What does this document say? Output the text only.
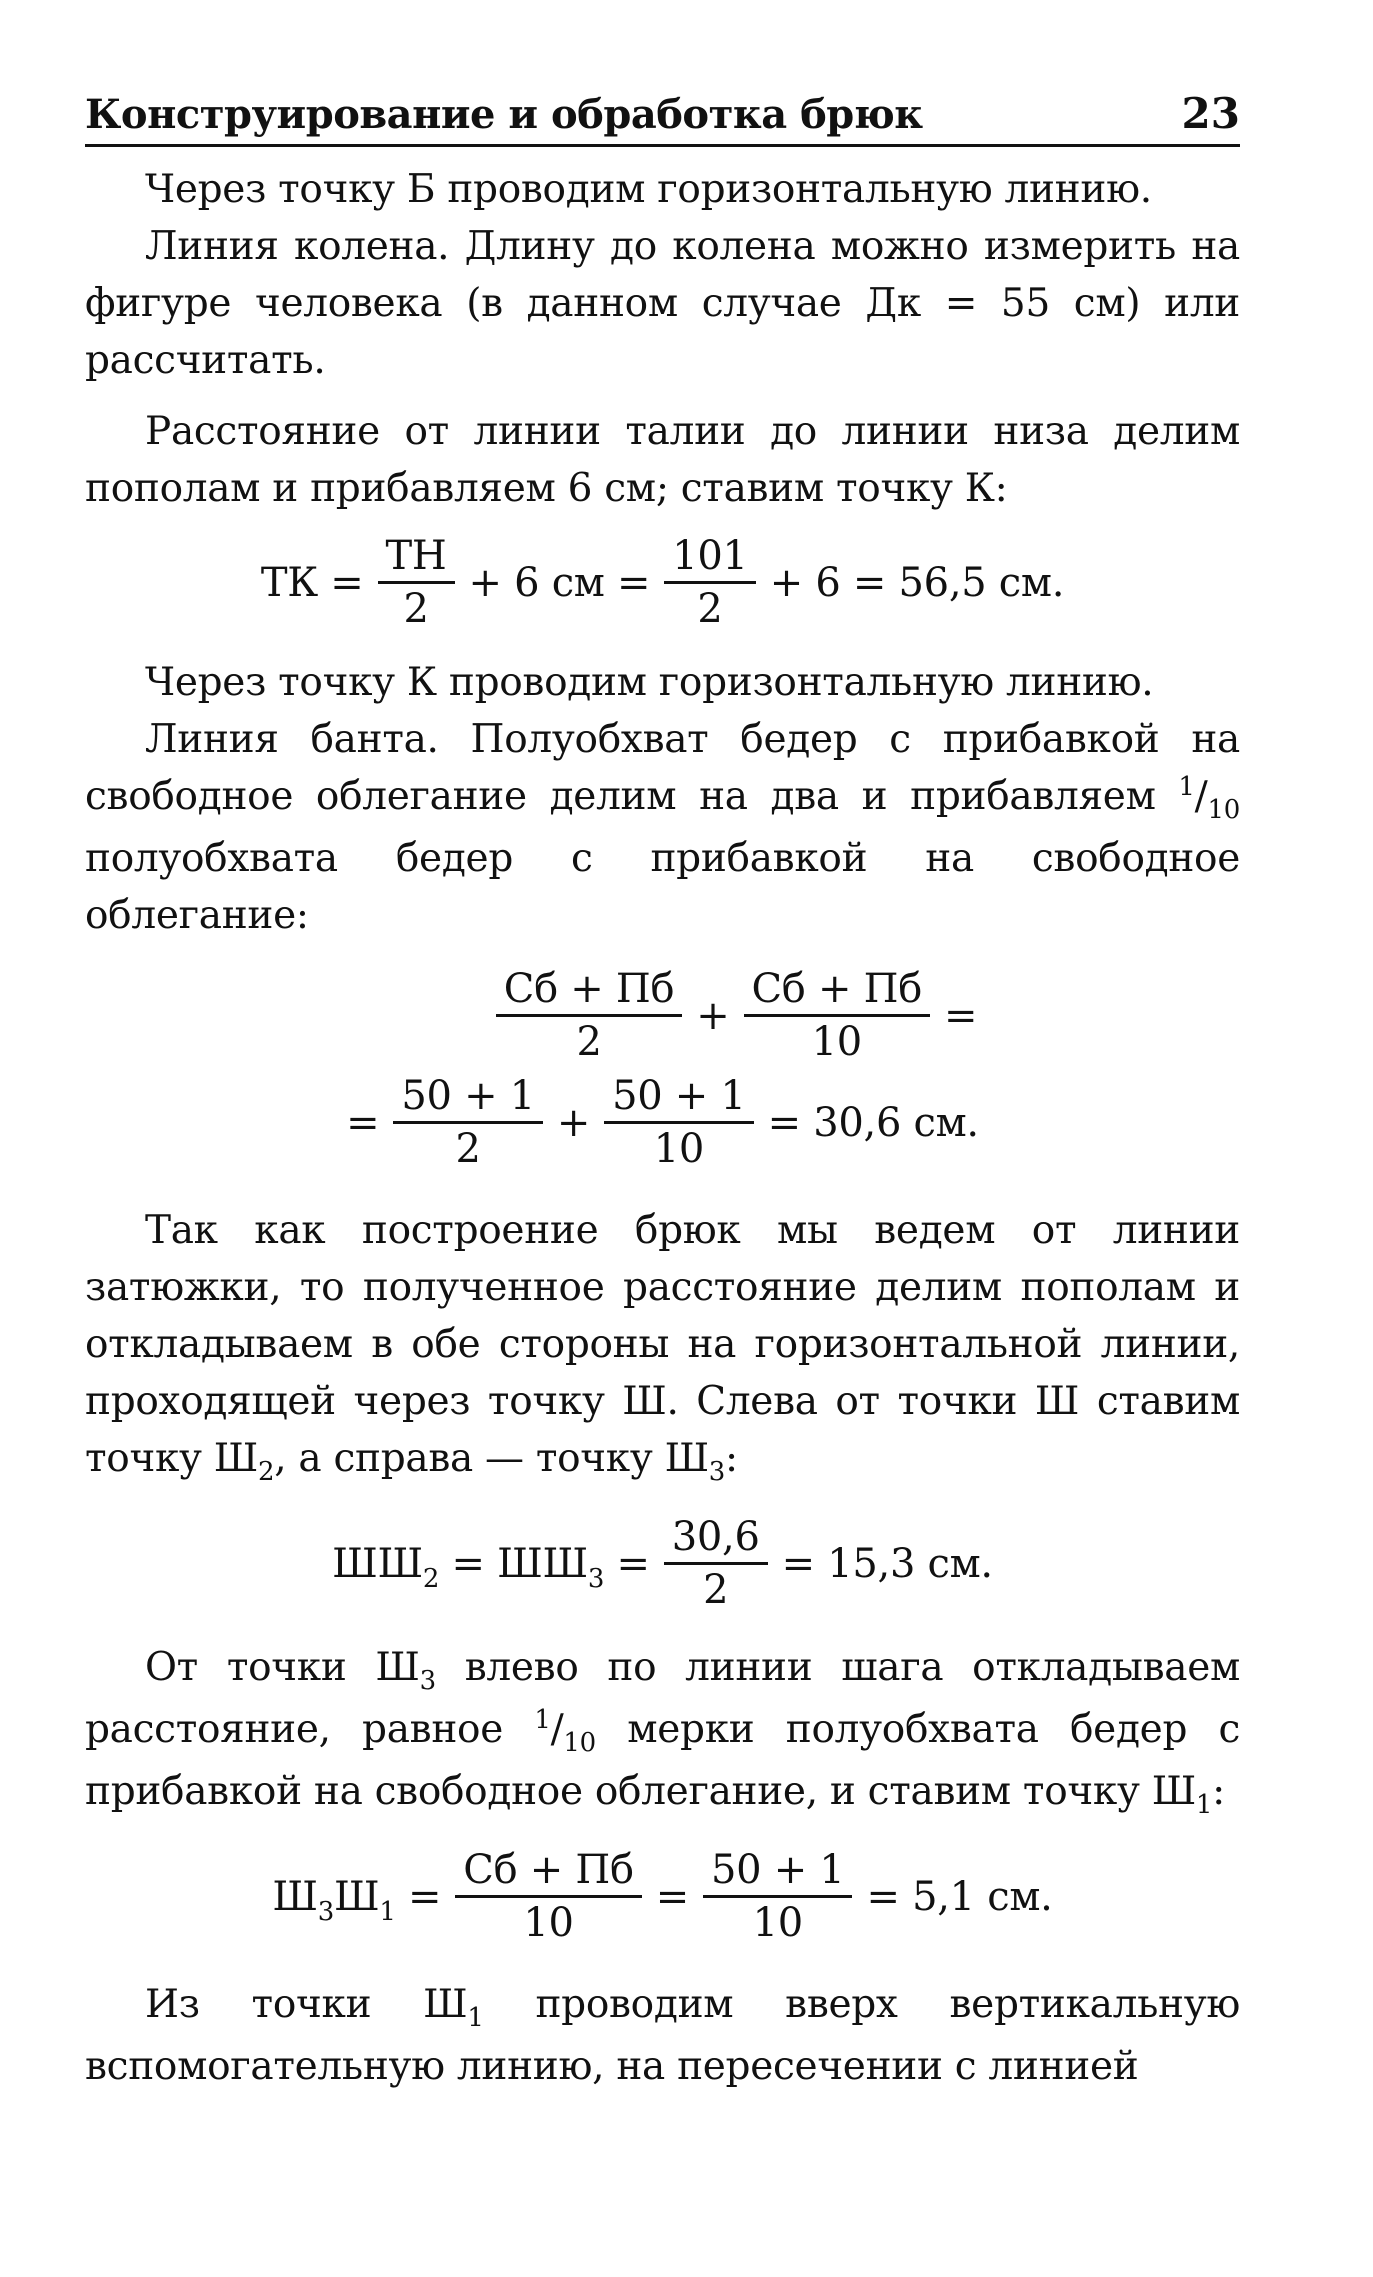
Конструирование и обработка брюк	23

Через точку Б проводим горизонтальную линию.

Линия колена. Длину до колена можно измерить на фигуре человека (в данном случае Дк = 55 см) или рассчитать.

Расстояние от линии талии до линии низа делим пополам и прибавляем 6 см; ставим точку К:

ТК = $\frac{ТН}{2} + 6$ см = $\frac{101}{2} + 6 = 56,5$ см.

Через точку К проводим горизонтальную линию.

Линия банта. Полуобхват бедер с прибавкой на свободное облегание делим на два и прибавляем $^1/_{10}$ полуобхвата бедер с прибавкой на свободное облегание:

$\frac{Сб + Пб}{2} + \frac{Сб + Пб}{10}$ =
= $\frac{50 + 1}{2} + \frac{50 + 1}{10} = 30,6$ см.

Так как построение брюк мы ведем от линии затюжки, то полученное расстояние делим пополам и откладываем в обе стороны на горизонтальной линии, проходящей через точку Ш. Слева от точки Ш ставим точку $Ш_2$, а справа — точку $Ш_3$:

$ШШ_2 = ШШ_3 = \frac{30,6}{2} = 15,3$ см.

От точки $Ш_3$ влево по линии шага откладываем расстояние, равное $^1/_{10}$ мерки полуобхвата бедер с прибавкой на свободное облегание, и ставим точку $Ш_1$:

$Ш_3Ш_1 = \frac{Сб + Пб}{10} = \frac{50 + 1}{10} = 5,1$ см.

Из точки $Ш_1$ проводим вверх вертикальную вспомогательную линию, на пересечении с линией
